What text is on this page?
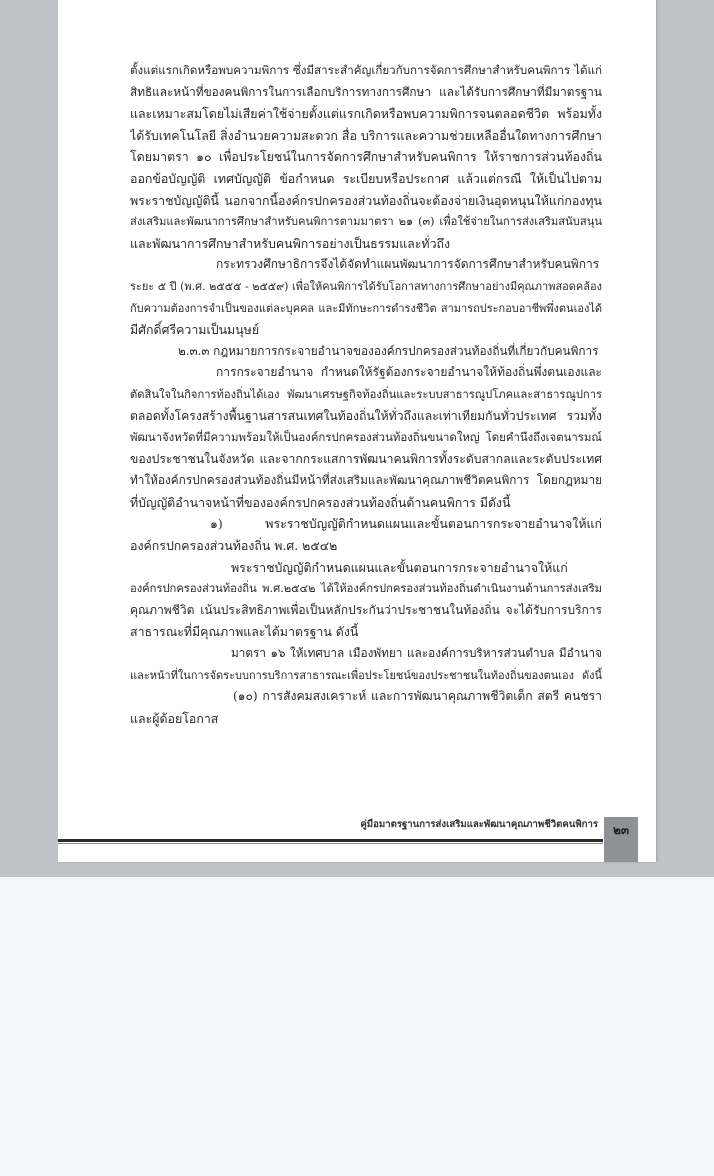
ตั้งแต่แรกเกิดหรือพบความพิการ ซึ่งมีสาระสำคัญเกี่ยวกับการจัดการศึกษาสำหรับคนพิการ ได้แก่
สิทธิและหน้าที่ของคนพิการในการเลือกบริการทางการศึกษา และได้รับการศึกษาที่มีมาตรฐาน
และเหมาะสมโดยไม่เสียค่าใช้จ่ายตั้งแต่แรกเกิดหรือพบความพิการจนตลอดชีวิต พร้อมทั้ง
ได้รับเทคโนโลยี สิ่งอำนวยความสะดวก สื่อ บริการและความช่วยเหลืออื่นใดทางการศึกษา
โดยมาตรา ๑๐ เพื่อประโยชน์ในการจัดการศึกษาสำหรับคนพิการ ให้ราชการส่วนท้องถิ่น
ออกข้อบัญญัติ เทศบัญญัติ ข้อกำหนด ระเบียบหรือประกาศ แล้วแต่กรณี ให้เป็นไปตาม
พระราชบัญญัตินี้ นอกจากนี้องค์กรปกครองส่วนท้องถิ่นจะต้องจ่ายเงินอุดหนุนให้แก่กองทุน
ส่งเสริมและพัฒนาการศึกษาสำหรับคนพิการตามมาตรา ๒๑ (๓) เพื่อใช้จ่ายในการส่งเสริมสนับสนุน
และพัฒนาการศึกษาสำหรับคนพิการอย่างเป็นธรรมและทั่วถึง
กระทรวงศึกษาธิการจึงได้จัดทำแผนพัฒนาการจัดการศึกษาสำหรับคนพิการ
ระยะ ๕ ปี (พ.ศ. ๒๕๕๕ - ๒๕๕๙) เพื่อให้คนพิการได้รับโอกาสทางการศึกษาอย่างมีคุณภาพสอดคล้อง
กับความต้องการจำเป็นของแต่ละบุคคล และมีทักษะการดำรงชีวิต สามารถประกอบอาชีพพึ่งตนเองได้
มีศักดิ์ศรีความเป็นมนุษย์
๒.๓.๓ กฎหมายการกระจายอำนาจขององค์กรปกครองส่วนท้องถิ่นที่เกี่ยวกับคนพิการ
การกระจายอำนาจ กำหนดให้รัฐต้องกระจายอำนาจให้ท้องถิ่นพึ่งตนเองและ
ตัดสินใจในกิจการท้องถิ่นได้เอง พัฒนาเศรษฐกิจท้องถิ่นและระบบสาธารณูปโภคและสาธารณูปการ
ตลอดทั้งโครงสร้างพื้นฐานสารสนเทศในท้องถิ่นให้ทั่วถึงและเท่าเทียมกันทั่วประเทศ รวมทั้ง
พัฒนาจังหวัดที่มีความพร้อมให้เป็นองค์กรปกครองส่วนท้องถิ่นขนาดใหญ่ โดยคำนึงถึงเจตนารมณ์
ของประชาชนในจังหวัด และจากกระแสการพัฒนาคนพิการทั้งระดับสากลและระดับประเทศ
ทำให้องค์กรปกครองส่วนท้องถิ่นมีหน้าที่ส่งเสริมและพัฒนาคุณภาพชีวิตคนพิการ โดยกฎหมาย
ที่บัญญัติอำนาจหน้าที่ขององค์กรปกครองส่วนท้องถิ่นด้านคนพิการ มีดังนี้
๑) พระราชบัญญัติกำหนดแผนและขั้นตอนการกระจายอำนาจให้แก่
องค์กรปกครองส่วนท้องถิ่น พ.ศ. ๒๕๔๒
พระราชบัญญัติกำหนดแผนและขั้นตอนการกระจายอำนาจให้แก่
องค์กรปกครองส่วนท้องถิ่น พ.ศ.๒๕๔๒ ได้ให้องค์กรปกครองส่วนท้องถิ่นดำเนินงานด้านการส่งเสริม
คุณภาพชีวิต เน้นประสิทธิภาพเพื่อเป็นหลักประกันว่าประชาชนในท้องถิ่น จะได้รับการบริการ
สาธารณะที่มีคุณภาพและได้มาตรฐาน ดังนี้
มาตรา ๑๖ ให้เทศบาล เมืองพัทยา และองค์การบริหารส่วนตำบล มีอำนาจ
และหน้าที่ในการจัดระบบการบริการสาธารณะเพื่อประโยชน์ของประชาชนในท้องถิ่นของตนเอง ดังนี้
(๑๐) การสังคมสงเคราะห์ และการพัฒนาคุณภาพชีวิตเด็ก สตรี คนชรา
และผู้ด้อยโอกาส
คู่มือมาตรฐานการส่งเสริมและพัฒนาคุณภาพชีวิตคนพิการ	๒๓
